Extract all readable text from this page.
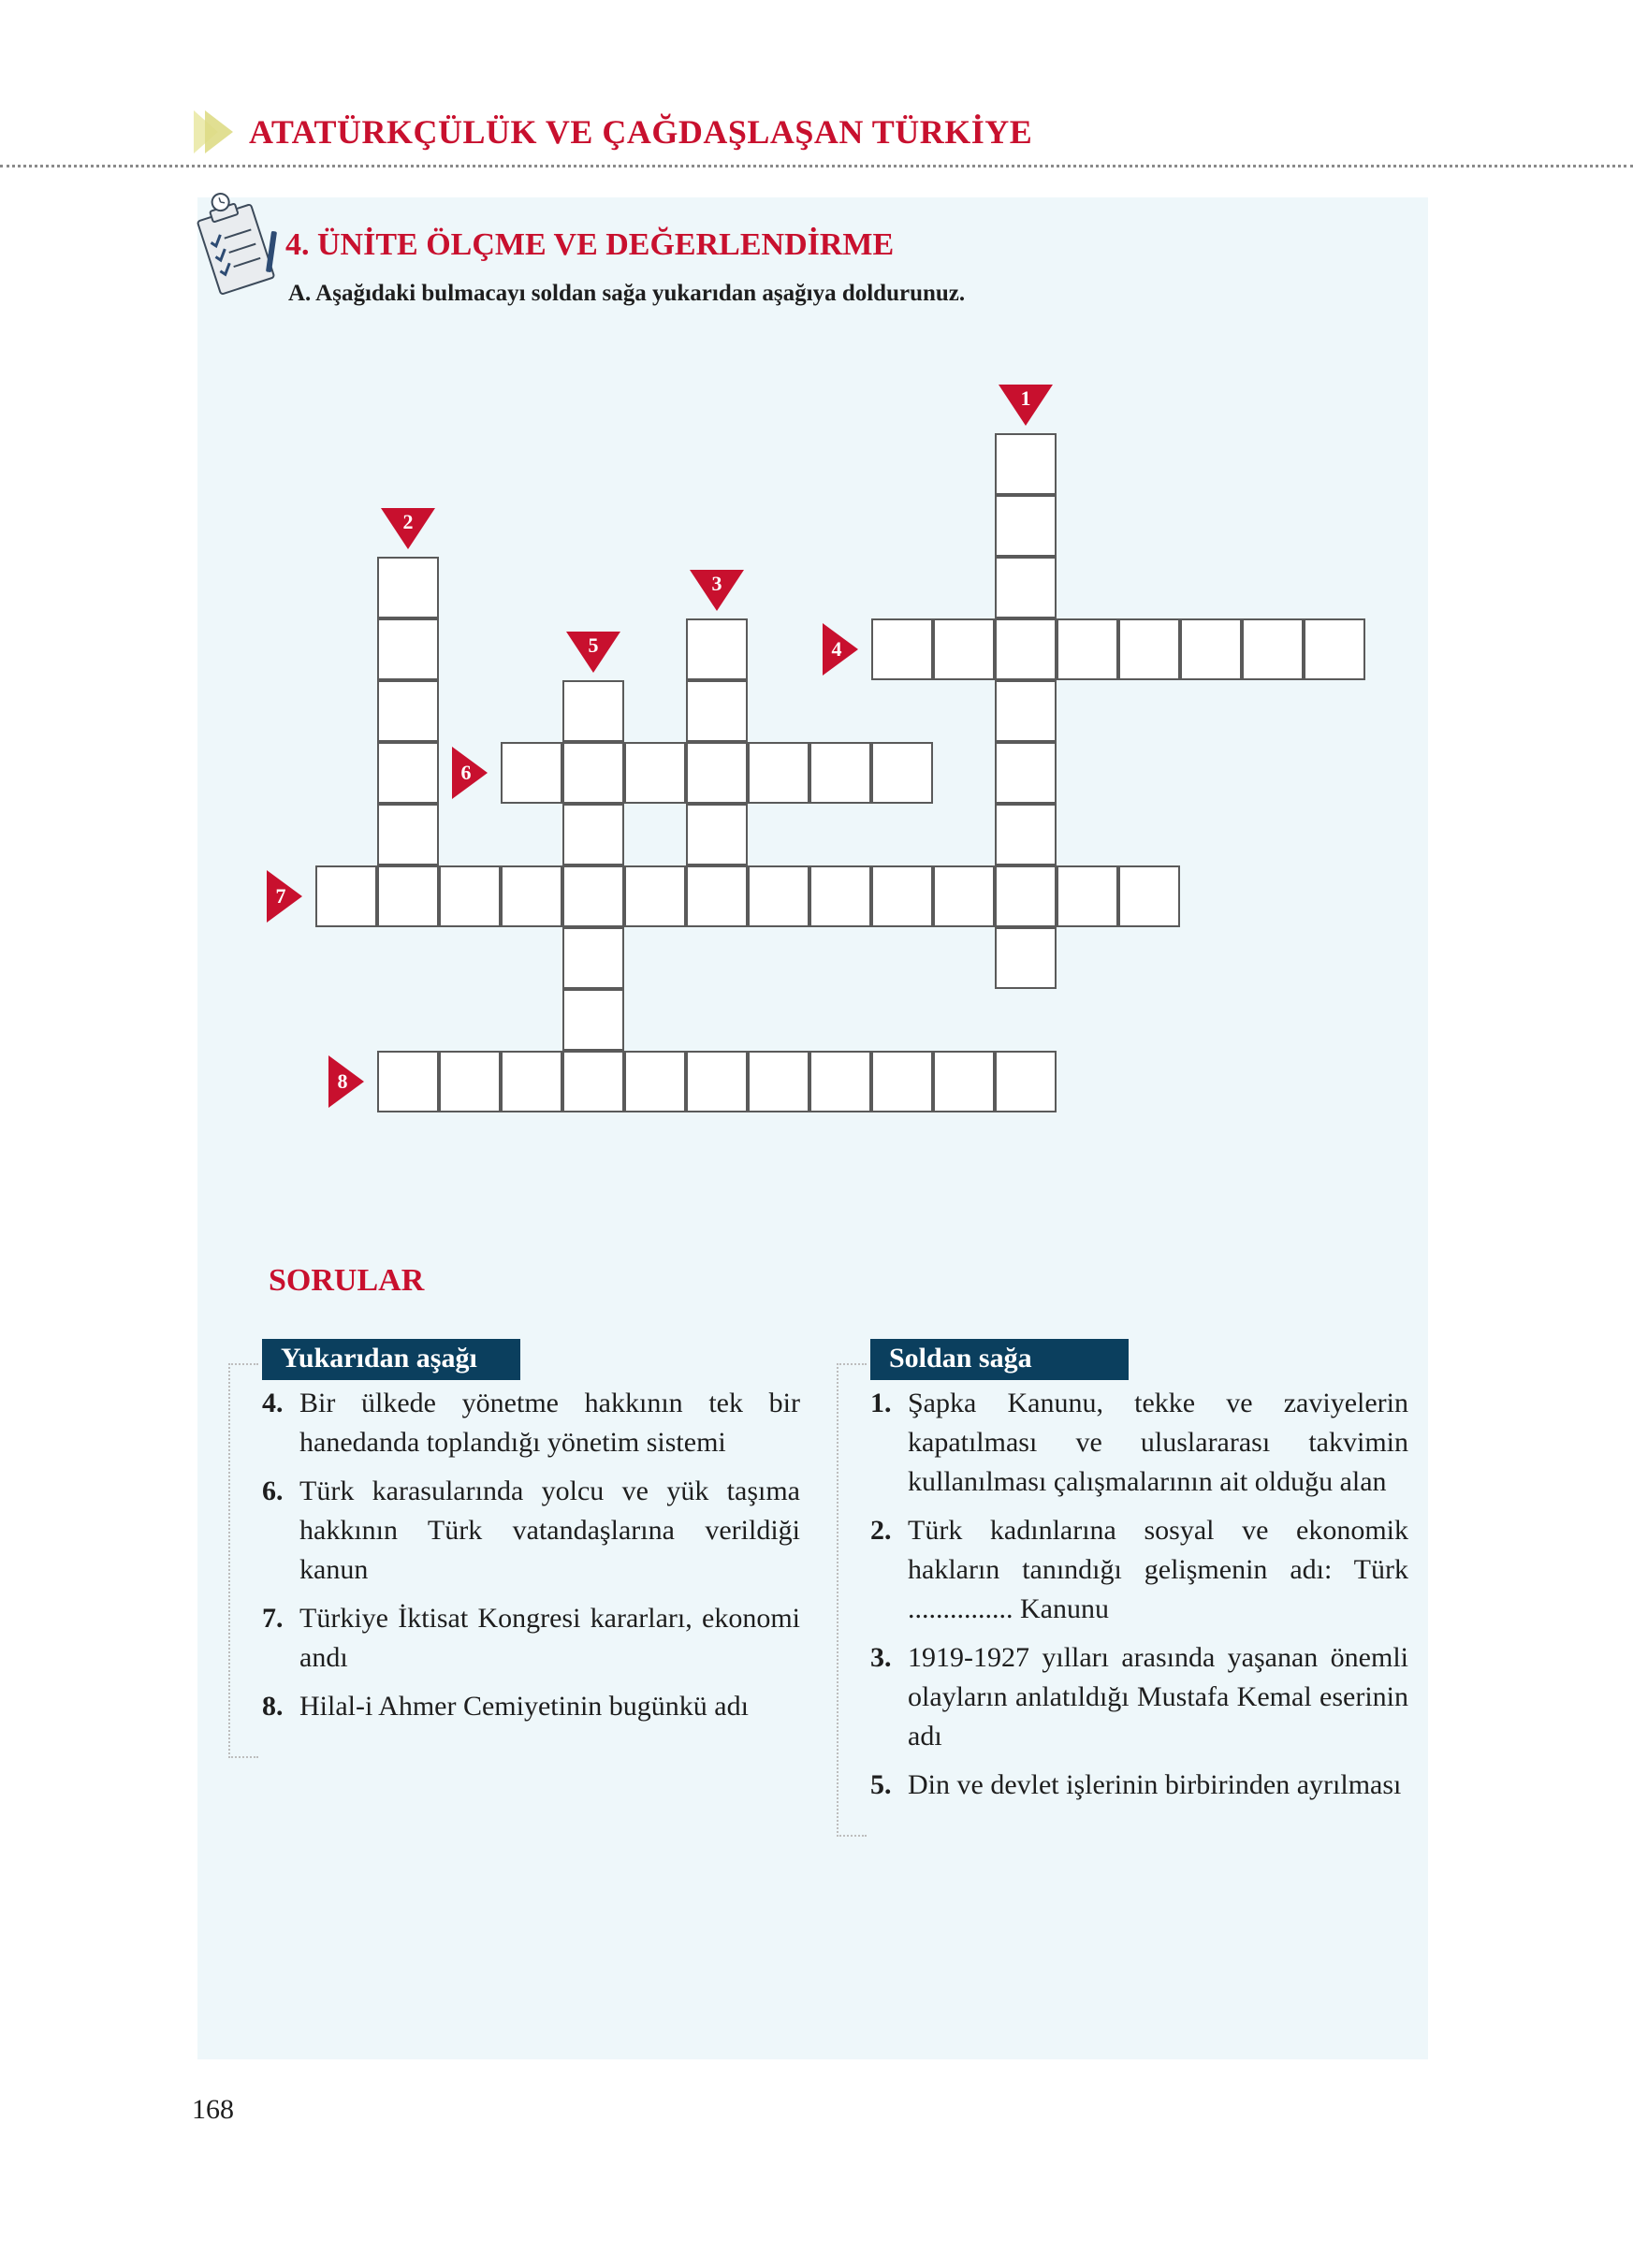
ATATÜRKÇÜLÜK VE ÇAĞDAŞLAŞAN TÜRKİYE
4. ÜNİTE ÖLÇME VE DEĞERLENDİRME
A. Aşağıdaki bulmacayı soldan sağa yukarıdan aşağıya doldurunuz.
1
2
3
4
5
6
7
8
SORULAR
Yukarıdan aşağı
4. Bir ülkede yönetme hakkının tek bir hanedanda toplandığı yönetim sistemi
6. Türk karasularında yolcu ve yük taşıma hakkının Türk vatandaşlarına verildiği kanun
7. Türkiye İktisat Kongresi kararları, ekonomi andı
8. Hilal-i Ahmer Cemiyetinin bugünkü adı
Soldan sağa
1. Şapka Kanunu, tekke ve zaviyelerin kapatılması ve uluslararası takvimin kullanılması çalışmalarının ait olduğu alan
2. Türk kadınlarına sosyal ve ekonomik hakların tanındığı gelişmenin adı: Türk ............... Kanunu
3. 1919-1927 yılları arasında yaşanan önemli olayların anlatıldığı Mustafa Kemal eserinin adı
5. Din ve devlet işlerinin birbirinden ayrılması
168
